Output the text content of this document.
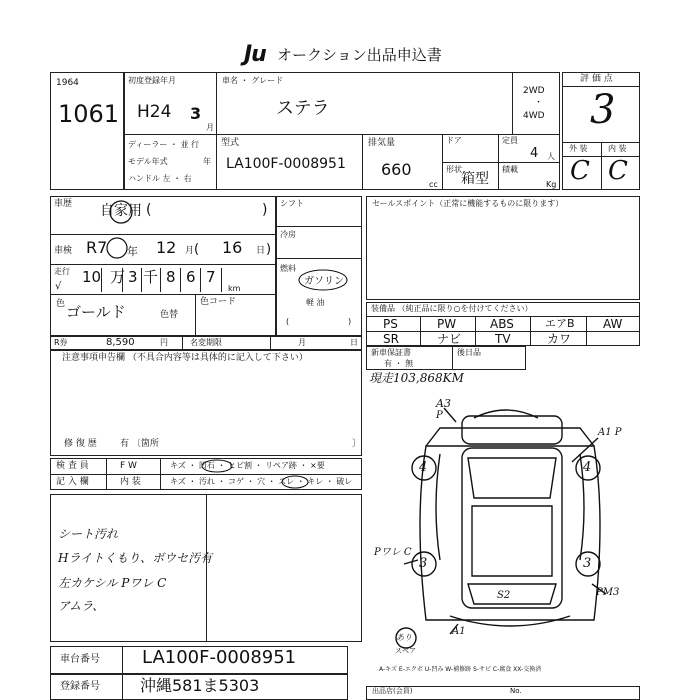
Ju オークション出品申込書
1964
1061
初度登録年月
H24 3
月
車名 ・ グレード
ステラ
2WD
・
4WD
ディーラー ・ 並 行
モデル年式	年
ハンドル 左 ・ 右
型式
LA100F-0008951
排気量
660
cc
ドア
形状
箱型
定員
4 人
積載
Kg
評 価 点
3
外 装	内 装
C C
車歴 自家用 (	)
車検 R7 年 12 月 ( 16 日 )
走行
√
10 万 3 千 8 6 7
km
色 ゴールド	色替
色コード
シフト
冷房
燃料
ガソリン
軽 油
(	)
セールスポイント（正常に機能するものに限ります）
装備品 （純正品に限り○を付けてください）
PS	PW	ABS	エアB AW
SR	ナビ	TV	カワ
新車保証書
有 ・ 無
後日品
現走103,868KM
R券	8,590	円	名変期限	月	日
注意事項申告欄 （不具合内容等は具体的に記入して下さい）
修 復 歴	有 〔箇所	〕
検 査 員	F W	キズ ・ 凹石 ・ ヒビ割 ・ リペア跡 ・ ×要
記 入 欄	内 装	キズ ・ 汚れ ・ コゲ ・ 穴 ・ スレ ・ キレ ・ 破レ
シート汚れ
Hライトくもり、ボウセ汚有
左カケシル Pワレ C
アムラ、
A3
P
A1 P
Pワレ C
PM3
S2
A1
スペア
あり
4	4
3	3
A-キズ E-エクボ U-凹み W-補修跡 S-サビ C-腐食 XX-交換済
車台番号 LA100F-0008951
登録番号	沖縄581ま5303	出品店(会員)	No.
